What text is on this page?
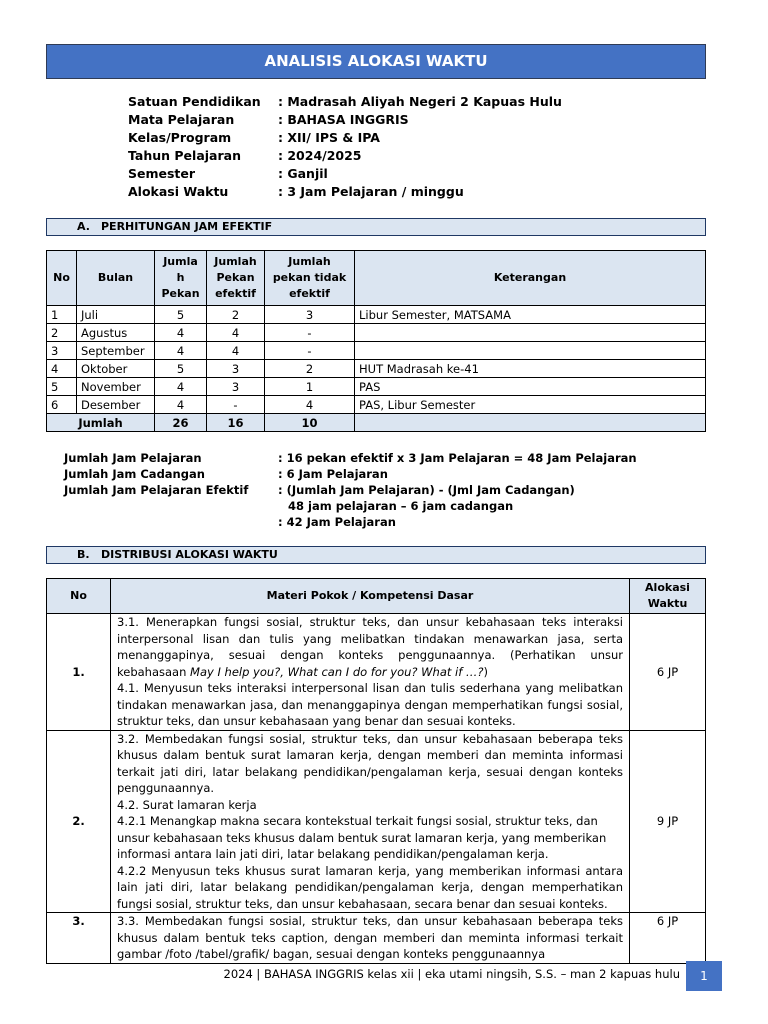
ANALISIS ALOKASI WAKTU
Satuan Pendidikan : Madrasah Aliyah Negeri 2 Kapuas Hulu
Mata Pelajaran	: BAHASA INGGRIS
Kelas/Program	: XII/ IPS & IPA
Tahun Pelajaran	: 2024/2025
Semester	: Ganjil
Alokasi Waktu	: 3 Jam Pelajaran / minggu
A. PERHITUNGAN JAM EFEKTIF
No	Bulan	Jumla
h
Pekan	Jumlah
Pekan
efektif	Jumlah
pekan tidak
efektif	Keterangan
1	Juli	5	2	3	Libur Semester, MATSAMA
2	Agustus	4	4	-	
3	September	4	4	-	
4	Oktober	5	3	2	HUT Madrasah ke-41
5	November	4	3	1	PAS
6	Desember	4	-	4	PAS, Libur Semester
Jumlah		26	16	10	
Jumlah Jam Pelajaran	: 16 pekan efektif x 3 Jam Pelajaran = 48 Jam Pelajaran
Jumlah Jam Cadangan	: 6 Jam Pelajaran
Jumlah Jam Pelajaran Efektif	: (Jumlah Jam Pelajaran) - (Jml Jam Cadangan)
48 jam pelajaran – 6 jam cadangan
: 42 Jam Pelajaran
B. DISTRIBUSI ALOKASI WAKTU
No	Materi Pokok / Kompetensi Dasar	Alokasi
Waktu
1.	3.1. Menerapkan fungsi sosial, struktur teks, dan unsur kebahasaan teks interaksi interpersonal lisan dan tulis yang melibatkan tindakan menawarkan jasa, serta menanggapinya, sesuai dengan konteks penggunaannya. (Perhatikan unsur kebahasaan May I help you?, What can I do for you? What if …?)
4.1. Menyusun teks interaksi interpersonal lisan dan tulis sederhana yang melibatkan tindakan menawarkan jasa, dan menanggapinya dengan memperhatikan fungsi sosial, struktur teks, dan unsur kebahasaan yang benar dan sesuai konteks.	6 JP
2.	3.2. Membedakan fungsi sosial, struktur teks, dan unsur kebahasaan beberapa teks khusus dalam bentuk surat lamaran kerja, dengan memberi dan meminta informasi terkait jati diri, latar belakang pendidikan/pengalaman kerja, sesuai dengan konteks penggunaannya.
4.2. Surat lamaran kerja
4.2.1 Menangkap makna secara kontekstual terkait fungsi sosial, struktur teks, dan unsur kebahasaan teks khusus dalam bentuk surat lamaran kerja, yang memberikan informasi antara lain jati diri, latar belakang pendidikan/pengalaman kerja.
4.2.2 Menyusun teks khusus surat lamaran kerja, yang memberikan informasi antara lain jati diri, latar belakang pendidikan/pengalaman kerja, dengan memperhatikan fungsi sosial, struktur teks, dan unsur kebahasaan, secara benar dan sesuai konteks.	9 JP
3.	3.3. Membedakan fungsi sosial, struktur teks, dan unsur kebahasaan beberapa teks khusus dalam bentuk teks caption, dengan memberi dan meminta informasi terkait gambar /foto /tabel/grafik/ bagan, sesuai dengan konteks penggunaannya	6 JP
2024 | BAHASA INGGRIS kelas xii | eka utami ningsih, S.S. – man 2 kapuas hulu	1
